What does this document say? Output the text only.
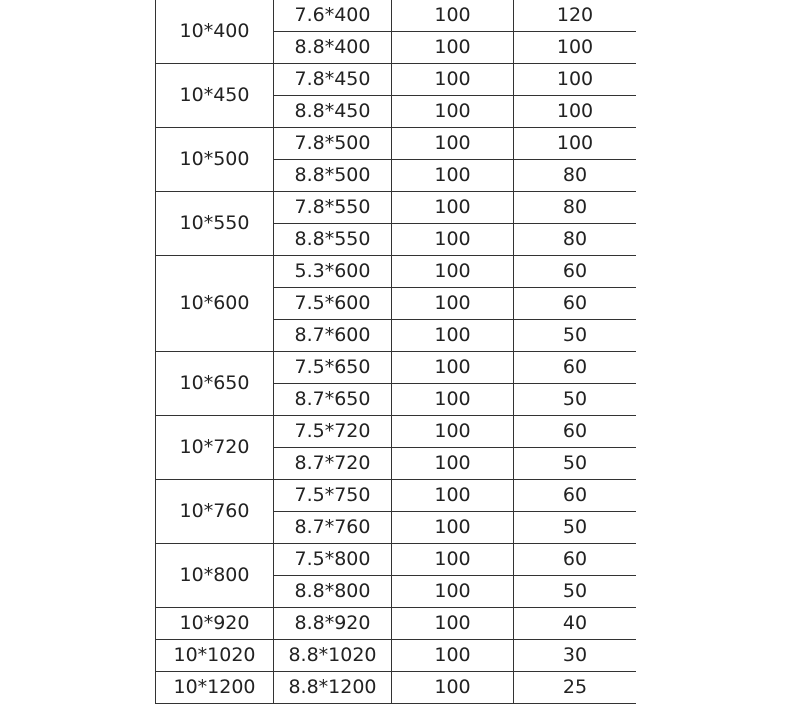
10*400	7.6*400	100	120
	8.8*400	100	100
10*450	7.8*450	100	100
	8.8*450	100	100
10*500	7.8*500	100	100
	8.8*500	100	80
10*550	7.8*550	100	80
	8.8*550	100	80
10*600	5.3*600	100	60
	7.5*600	100	60
	8.7*600	100	50
10*650	7.5*650	100	60
	8.7*650	100	50
10*720	7.5*720	100	60
	8.7*720	100	50
10*760	7.5*750	100	60
	8.7*760	100	50
10*800	7.5*800	100	60
	8.8*800	100	50
10*920	8.8*920	100	40
10*1020	8.8*1020	100	30
10*1200	8.8*1200	100	25
